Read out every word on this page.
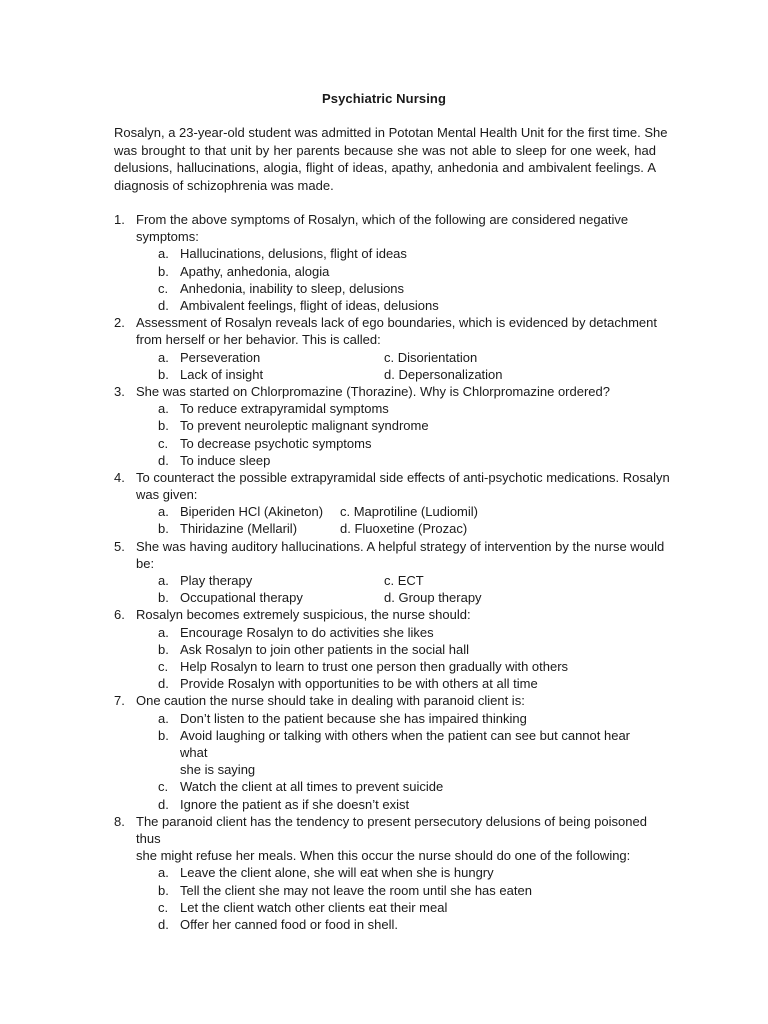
Psychiatric Nursing
Rosalyn, a 23-year-old student was admitted in Pototan Mental Health Unit for the first time. She
was brought to that unit by her parents because she was not able to sleep for one week, had
delusions, hallucinations, alogia, flight of ideas, apathy, anhedonia and ambivalent feelings. A
diagnosis of schizophrenia was made.
1. From the above symptoms of Rosalyn, which of the following are considered negative
symptoms:
a. Hallucinations, delusions, flight of ideas
b. Apathy, anhedonia, alogia
c. Anhedonia, inability to sleep, delusions
d. Ambivalent feelings, flight of ideas, delusions
2. Assessment of Rosalyn reveals lack of ego boundaries, which is evidenced by detachment
from herself or her behavior. This is called:
a. Perseveration	c. Disorientation
b. Lack of insight	d. Depersonalization
3. She was started on Chlorpromazine (Thorazine). Why is Chlorpromazine ordered?
a. To reduce extrapyramidal symptoms
b. To prevent neuroleptic malignant syndrome
c. To decrease psychotic symptoms
d. To induce sleep
4. To counteract the possible extrapyramidal side effects of anti-psychotic medications. Rosalyn
was given:
a. Biperiden HCl (Akineton) c. Maprotiline (Ludiomil)
b. Thiridazine (Mellaril)	d. Fluoxetine (Prozac)
5. She was having auditory hallucinations. A helpful strategy of intervention by the nurse would
be:
a. Play therapy	c. ECT
b. Occupational therapy	d. Group therapy
6. Rosalyn becomes extremely suspicious, the nurse should:
a. Encourage Rosalyn to do activities she likes
b. Ask Rosalyn to join other patients in the social hall
c. Help Rosalyn to learn to trust one person then gradually with others
d. Provide Rosalyn with opportunities to be with others at all time
7. One caution the nurse should take in dealing with paranoid client is:
a. Don’t listen to the patient because she has impaired thinking
b. Avoid laughing or talking with others when the patient can see but cannot hear what
she is saying
c. Watch the client at all times to prevent suicide
d. Ignore the patient as if she doesn’t exist
8. The paranoid client has the tendency to present persecutory delusions of being poisoned thus
she might refuse her meals. When this occur the nurse should do one of the following:
a. Leave the client alone, she will eat when she is hungry
b. Tell the client she may not leave the room until she has eaten
c. Let the client watch other clients eat their meal
d. Offer her canned food or food in shell.
